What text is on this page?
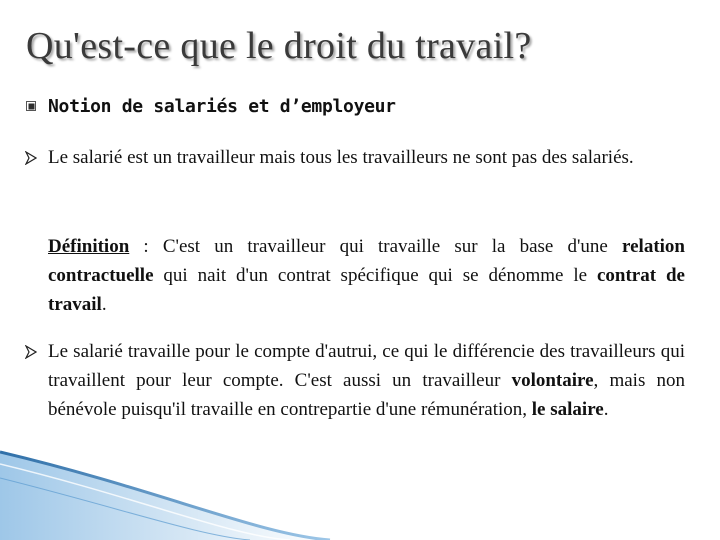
Qu'est-ce que le droit du travail?
Notion de salariés et d’employeur
Le salarié est un travailleur mais tous les travailleurs ne sont pas des salariés.
Définition : C'est un travailleur qui travaille sur la base d'une relation contractuelle qui nait d'un contrat spécifique qui se dénomme le contrat de travail.
Le salarié travaille pour le compte d'autrui, ce qui le différencie des travailleurs qui travaillent pour leur compte. C'est aussi un travailleur volontaire, mais non bénévole puisqu'il travaille en contrepartie d'une rémunération, le salaire.
